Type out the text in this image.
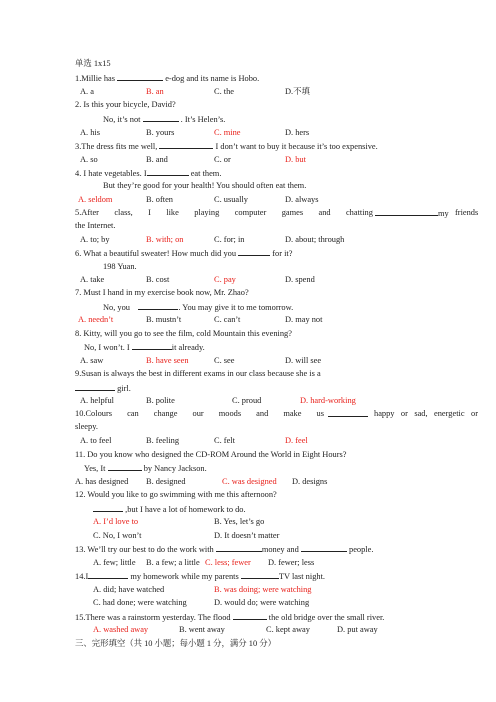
单选 1x15
1.Millie has	e-dog and its name is Hobo.
A. a	B. an	C. the	D.不填
2. Is this your bicycle, David?
No, it’s not	. It’s Helen’s.
A. his	B. yours	C. mine	D. hers
3.The dress fits me well,	I don’t want to buy it because it’s too expensive.
A. so	B. and	C. or	D. but
4. I hate vegetables. I	eat them.
But they’re good for your health! You should often eat them.
A. seldom	B. often	C. usually	D. always
5.After class, I like playing computer games and chatting	my friends
the Internet.
A. to; by	B. with; on	C. for; in	D. about; through
6. What a beautiful sweater! How much did you	for it?
198 Yuan.
A. take	B. cost	C. pay	D. spend
7. Must I hand in my exercise book now, Mr. Zhao?
No, you	. You may give it to me tomorrow.
A. needn’t	B. mustn’t	C. can’t	D. may not
8. Kitty, will you go to see the film, cold Mountain this evening?
No, I won’t. I	it already.
A. saw	B. have seen	C. see	D. will see
9.Susan is always the best in different exams in our class because she is a
girl.
A. helpful	B. polite	C. proud	D. hard-working
10.Colours can change our moods and make us	happy or sad, energetic or
sleepy.
A. to feel	B. feeling	C. felt	D. feel
11. Do you know who designed the CD-ROM Around the World in Eight Hours?
Yes, It	by Nancy Jackson.
A. has designed B. designed	C. was designed D. designs
12. Would you like to go swimming with me this afternoon?
,but I have a lot of homework to do.
A. I’d love to	B. Yes, let’s go
C. No, I won’t	D. It doesn’t matter
13. We’ll try our best to do the work with	money and	people.
A. few; little B. a few; a little C. less; fewer D. fewer; less
14.I	my homework while my parents	TV last night.
A. did; have watched	B. was doing; were watching
C. had done; were watching	D. would do; were watching
15.There was a rainstorm yesterday. The flood	the old bridge over the small river.
A. washed away	B. went away	C. kept away	D. put away
三、完形填空（共 10 小题；每小题 1 分，满分 10 分）
